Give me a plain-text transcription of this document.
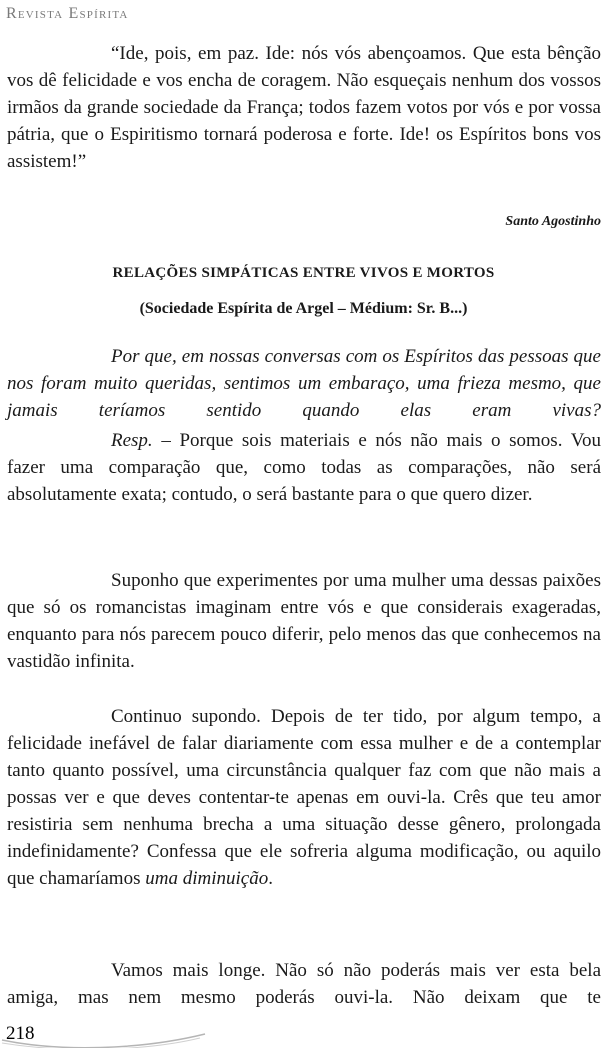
Revista Espírita
“Ide, pois, em paz. Ide: nós vós abençoamos. Que esta bênção vos dê felicidade e vos encha de coragem. Não esqueçais nenhum dos vossos irmãos da grande sociedade da França; todos fazem votos por vós e por vossa pátria, que o Espiritismo tornará poderosa e forte. Ide! os Espíritos bons vos assistem!”
Santo Agostinho
RELAÇÕES SIMPÁTICAS ENTRE VIVOS E MORTOS
(Sociedade Espírita de Argel – Médium: Sr. B...)
Por que, em nossas conversas com os Espíritos das pessoas que nos foram muito queridas, sentimos um embaraço, uma frieza mesmo, que jamais teríamos sentido quando elas eram vivas?
Resp. – Porque sois materiais e nós não mais o somos. Vou fazer uma comparação que, como todas as comparações, não será absolutamente exata; contudo, o será bastante para o que quero dizer.
Suponho que experimentes por uma mulher uma dessas paixões que só os romancistas imaginam entre vós e que considerais exageradas, enquanto para nós parecem pouco diferir, pelo menos das que conhecemos na vastidão infinita.
Continuo supondo. Depois de ter tido, por algum tempo, a felicidade inefável de falar diariamente com essa mulher e de a contemplar tanto quanto possível, uma circunstância qualquer faz com que não mais a possas ver e que deves contentar-te apenas em ouvi-la. Crês que teu amor resistiria sem nenhuma brecha a uma situação desse gênero, prolongada indefinidamente? Confessa que ele sofreria alguma modificação, ou aquilo que chamaríamos uma diminuição.
Vamos mais longe. Não só não poderás mais ver esta bela amiga, mas nem mesmo poderás ouvi-la. Não deixam que te
218
